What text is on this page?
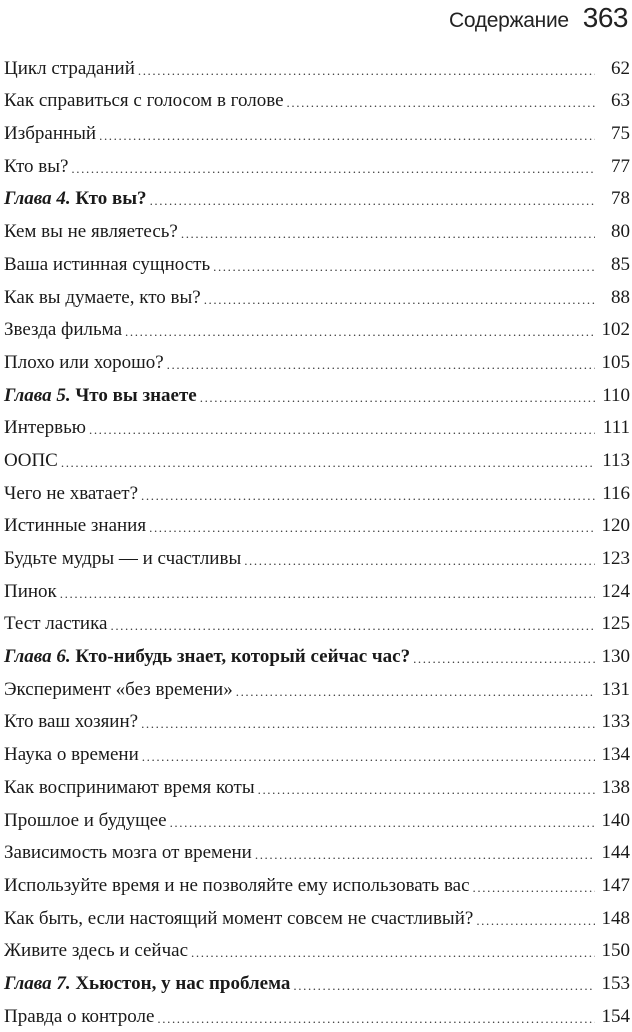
Содержание 363
Цикл страданий .....	62
Как справиться с голосом в голове .....	63
Избранный .....	75
Кто вы? .....	77
Глава 4. Кто вы? .....	78
Кем вы не являетесь? .....	80
Ваша истинная сущность .....	85
Как вы думаете, кто вы? .....	88
Звезда фильма .....	102
Плохо или хорошо? .....	105
Глава 5. Что вы знаете .....	110
Интервью .....	111
ООПС .....	113
Чего не хватает? .....	116
Истинные знания .....	120
Будьте мудры — и счастливы .....	123
Пинок .....	124
Тест ластика .....	125
Глава 6. Кто-нибудь знает, который сейчас час? .....	130
Эксперимент «без времени» .....	131
Кто ваш хозяин? .....	133
Наука о времени .....	134
Как воспринимают время коты .....	138
Прошлое и будущее .....	140
Зависимость мозга от времени .....	144
Используйте время и не позволяйте ему использовать вас .....	147
Как быть, если настоящий момент совсем не счастливый? .....	148
Живите здесь и сейчас .....	150
Глава 7. Хьюстон, у нас проблема .....	153
Правда о контроле .....	154
